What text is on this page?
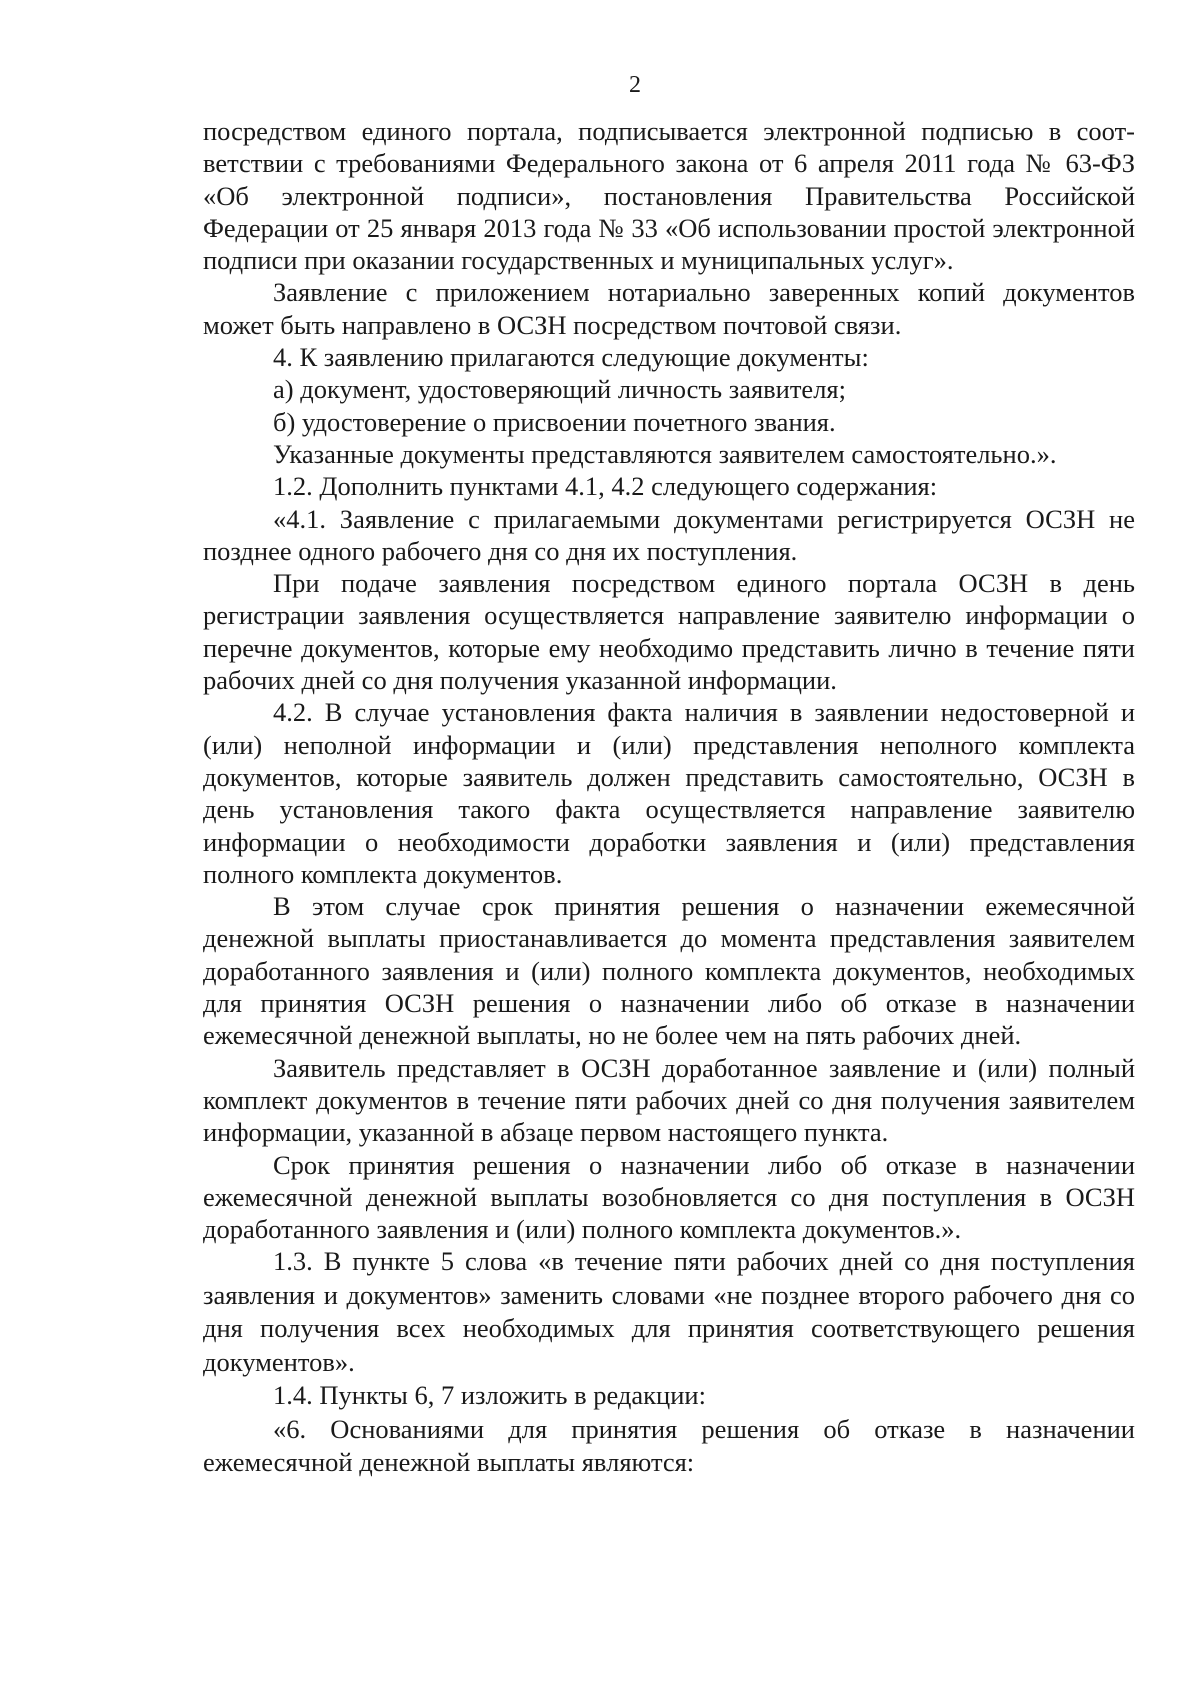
2

посредством единого портала, подписывается электронной подписью в соответствии с требованиями Федерального закона от 6 апреля 2011 года № 63-ФЗ «Об электронной подписи», постановления Правительства Российской Федерации от 25 января 2013 года № 33 «Об использовании простой электронной подписи при оказании государственных и муниципальных услуг».

Заявление с приложением нотариально заверенных копий документов может быть направлено в ОСЗН посредством почтовой связи.

4. К заявлению прилагаются следующие документы:

а) документ, удостоверяющий личность заявителя;

б) удостоверение о присвоении почетного звания.

Указанные документы представляются заявителем самостоятельно.».

1.2. Дополнить пунктами 4.1, 4.2 следующего содержания:

«4.1. Заявление с прилагаемыми документами регистрируется ОСЗН не позднее одного рабочего дня со дня их поступления.

При подаче заявления посредством единого портала ОСЗН в день регистрации заявления осуществляется направление заявителю информации о перечне документов, которые ему необходимо представить лично в течение пяти рабочих дней со дня получения указанной информации.

4.2. В случае установления факта наличия в заявлении недостоверной и (или) неполной информации и (или) представления неполного комплекта документов, которые заявитель должен представить самостоятельно, ОСЗН в день установления такого факта осуществляется направление заявителю информации о необходимости доработки заявления и (или) представления полного комплекта документов.

В этом случае срок принятия решения о назначении ежемесячной денежной выплаты приостанавливается до момента представления заявителем доработанного заявления и (или) полного комплекта документов, необходимых для принятия ОСЗН решения о назначении либо об отказе в назначении ежемесячной денежной выплаты, но не более чем на пять рабочих дней.

Заявитель представляет в ОСЗН доработанное заявление и (или) полный комплект документов в течение пяти рабочих дней со дня получения заявителем информации, указанной в абзаце первом настоящего пункта.

Срок принятия решения о назначении либо об отказе в назначении ежемесячной денежной выплаты возобновляется со дня поступления в ОСЗН доработанного заявления и (или) полного комплекта документов.».

1.3. В пункте 5 слова «в течение пяти рабочих дней со дня поступления заявления и документов» заменить словами «не позднее второго рабочего дня со дня получения всех необходимых для принятия соответствующего решения документов».

1.4. Пункты 6, 7 изложить в редакции:

«6. Основаниями для принятия решения об отказе в назначении ежемесячной денежной выплаты являются:
